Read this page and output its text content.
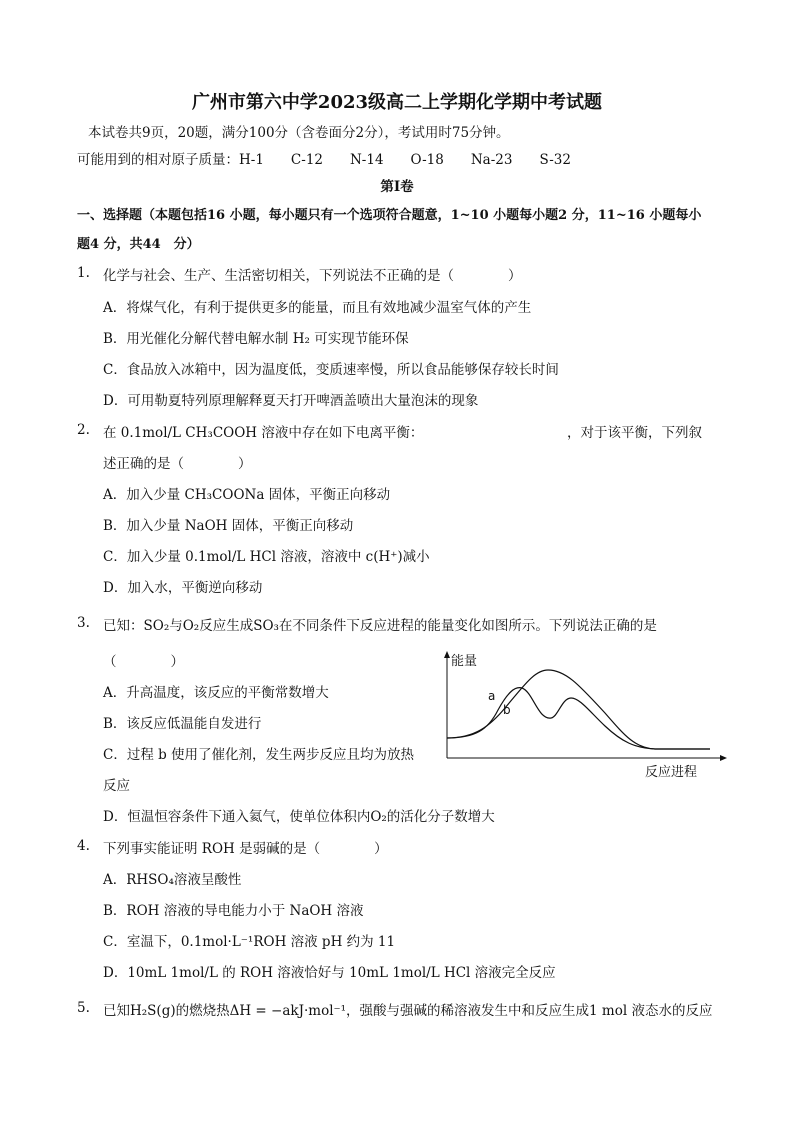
广州市第六中学2023级高二上学期化学期中考试题
本试卷共9页，20题，满分100分（含卷面分2分），考试用时75分钟。
可能用到的相对原子质量：H-1　　C-12　　N-14　　O-18　　Na-23　　S-32
第Ⅰ卷
一、选择题（本题包括16 小题，每小题只有一个选项符合题意，1~10 小题每小题2 分，11~16 小题每小
题4 分，共44　分）
1. 化学与社会、生产、生活密切相关，下列说法不正确的是（　　　　）
A．将煤气化，有利于提供更多的能量，而且有效地减少温室气体的产生
B．用光催化分解代替电解水制 H₂ 可实现节能环保
C．食品放入冰箱中，因为温度低，变质速率慢，所以食品能够保存较长时间
D．可用勒夏特列原理解释夏天打开啤酒盖喷出大量泡沫的现象
2. 在 0.1mol/L CH₃COOH 溶液中存在如下电离平衡：	，对于该平衡，下列叙
述正确的是（　　　　）
A．加入少量 CH₃COONa 固体，平衡正向移动
B．加入少量 NaOH 固体，平衡正向移动
C．加入少量 0.1mol/L HCl 溶液，溶液中 c(H⁺)减小
D．加入水，平衡逆向移动
3. 已知：SO₂与O₂反应生成SO₃在不同条件下反应进程的能量变化如图所示。下列说法正确的是
（　　　　）
A．升高温度，该反应的平衡常数增大
B．该反应低温能自发进行
C．过程 b 使用了催化剂，发生两步反应且均为放热
反应
D．恒温恒容条件下通入氦气，使单位体积内O₂的活化分子数增大
能量
反应进程
a
b
4. 下列事实能证明 ROH 是弱碱的是（　　　　）
A．RHSO₄溶液呈酸性
B．ROH 溶液的导电能力小于 NaOH 溶液
C．室温下，0.1mol·L⁻¹ROH 溶液 pH 约为 11
D．10mL 1mol/L 的 ROH 溶液恰好与 10mL 1mol/L HCl 溶液完全反应
5. 已知H₂S(g)的燃烧热ΔH = −akJ·mol⁻¹，强酸与强碱的稀溶液发生中和反应生成1 mol 液态水的反应
